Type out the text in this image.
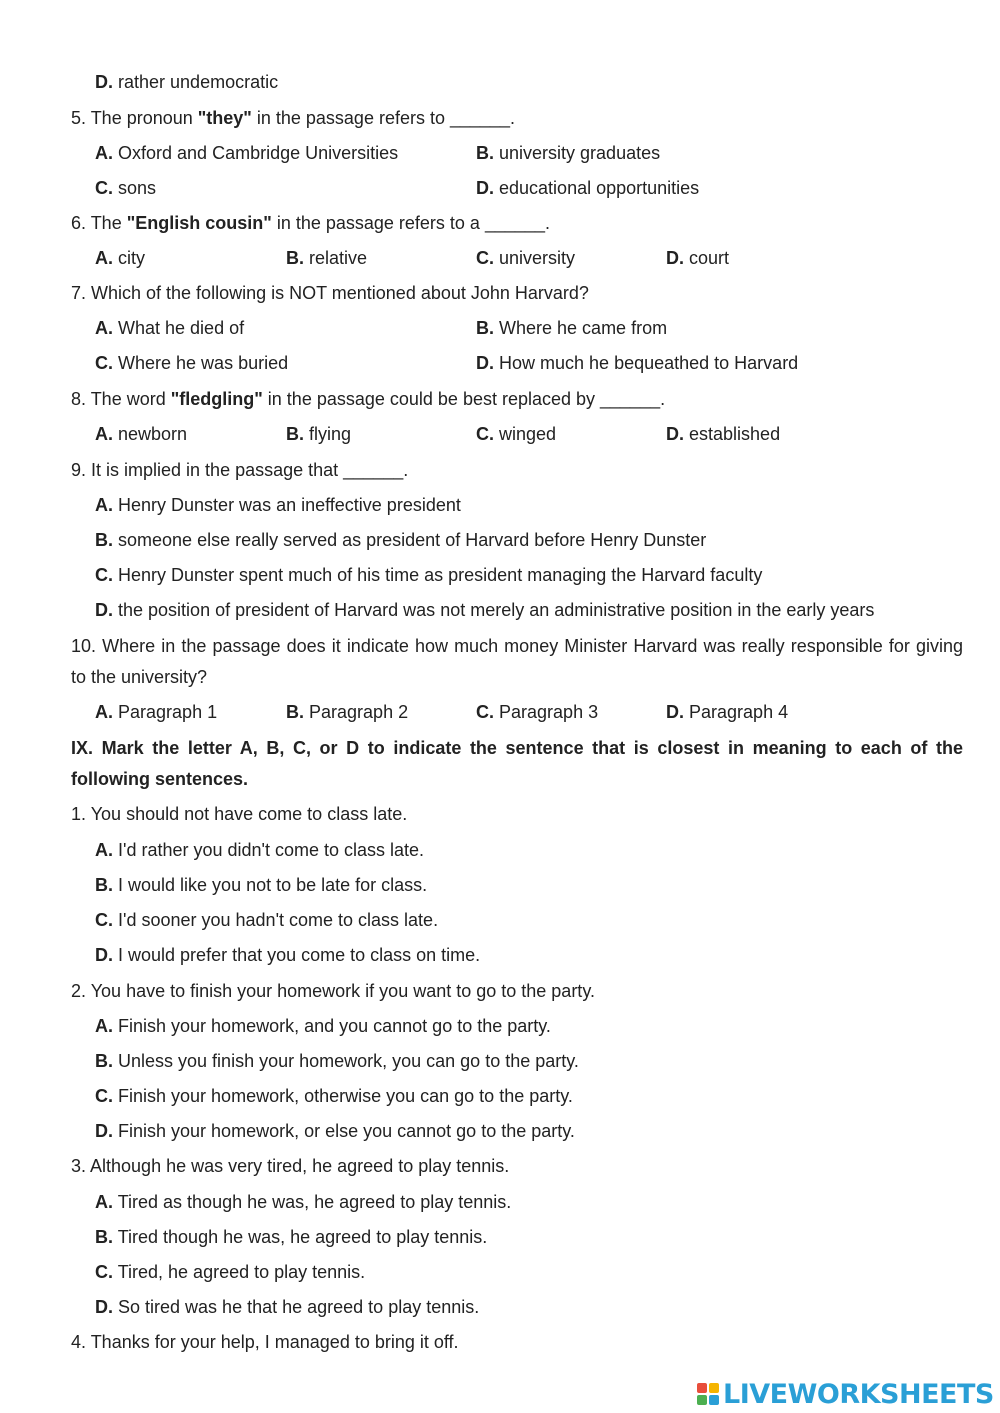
D. rather undemocratic
5. The pronoun "they" in the passage refers to ______.
A. Oxford and Cambridge Universities	B. university graduates
C. sons	D. educational opportunities
6. The "English cousin" in the passage refers to a ______.
A. city	B. relative	C. university	D. court
7. Which of the following is NOT mentioned about John Harvard?
A. What he died of	B. Where he came from
C. Where he was buried	D. How much he bequeathed to Harvard
8. The word "fledgling" in the passage could be best replaced by ______.
A. newborn	B. flying	C. winged	D. established
9. It is implied in the passage that ______.
A. Henry Dunster was an ineffective president
B. someone else really served as president of Harvard before Henry Dunster
C. Henry Dunster spent much of his time as president managing the Harvard faculty
D. the position of president of Harvard was not merely an administrative position in the early years
10. Where in the passage does it indicate how much money Minister Harvard was really responsible for giving to the university?
A. Paragraph 1	B. Paragraph 2	C. Paragraph 3	D. Paragraph 4
IX. Mark the letter A, B, C, or D to indicate the sentence that is closest in meaning to each of the following sentences.
1. You should not have come to class late.
A. I'd rather you didn't come to class late.
B. I would like you not to be late for class.
C. I'd sooner you hadn't come to class late.
D. I would prefer that you come to class on time.
2. You have to finish your homework if you want to go to the party.
A. Finish your homework, and you cannot go to the party.
B. Unless you finish your homework, you can go to the party.
C. Finish your homework, otherwise you can go to the party.
D. Finish your homework, or else you cannot go to the party.
3. Although he was very tired, he agreed to play tennis.
A. Tired as though he was, he agreed to play tennis.
B. Tired though he was, he agreed to play tennis.
C. Tired, he agreed to play tennis.
D. So tired was he that he agreed to play tennis.
4. Thanks for your help, I managed to bring it off.
LIVEWORKSHEETS
